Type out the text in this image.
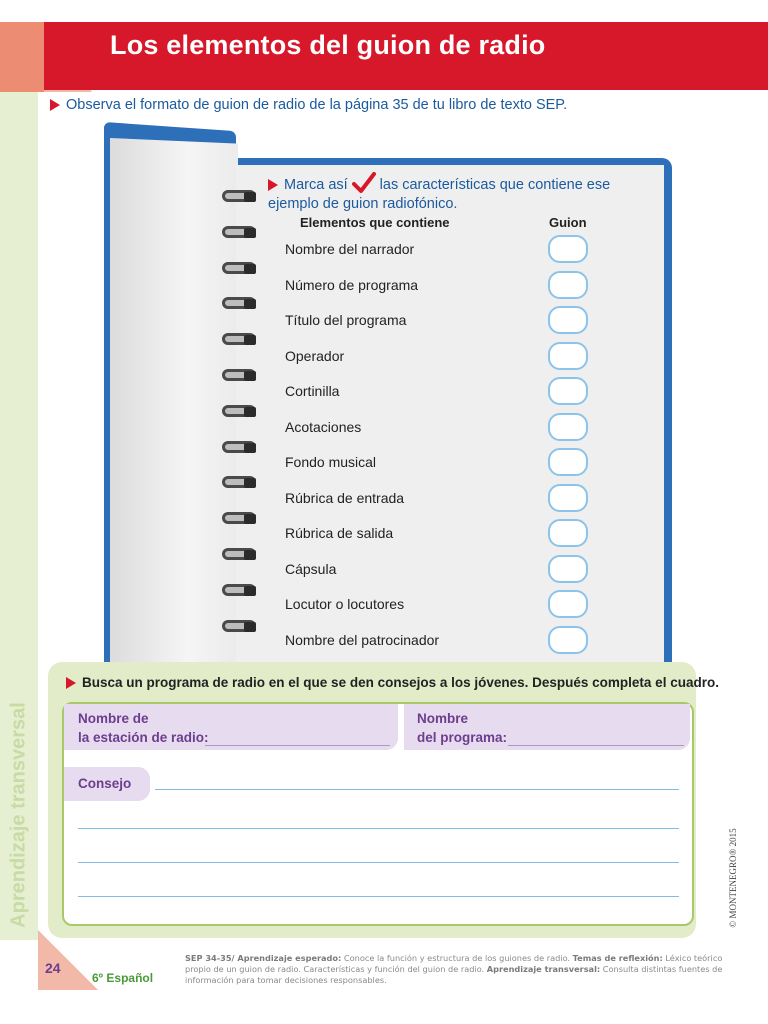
Los elementos del guion de radio
Aprendizaje transversal
Observa el formato de guion de radio de la página 35 de tu libro de texto SEP.
Marca así las características que contiene ese ejemplo de guion radiofónico.
Elementos que contiene	Guion
Nombre del narrador
Número de programa
Título del programa
Operador
Cortinilla
Acotaciones
Fondo musical
Rúbrica de entrada
Rúbrica de salida
Cápsula
Locutor o locutores
Nombre del patrocinador
Busca un programa de radio en el que se den consejos a los jóvenes. Después completa el cuadro.
Nombre de
la estación de radio:
Nombre
del programa:
Consejo
24
6º Español
SEP 34-35/ Aprendizaje esperado: Conoce la función y estructura de los guiones de radio. Temas de reflexión: Léxico teórico propio de un guion de radio. Características y función del guion de radio. Aprendizaje transversal: Consulta distintas fuentes de información para tomar decisiones responsables.
© MONTENEGRO® 2015
